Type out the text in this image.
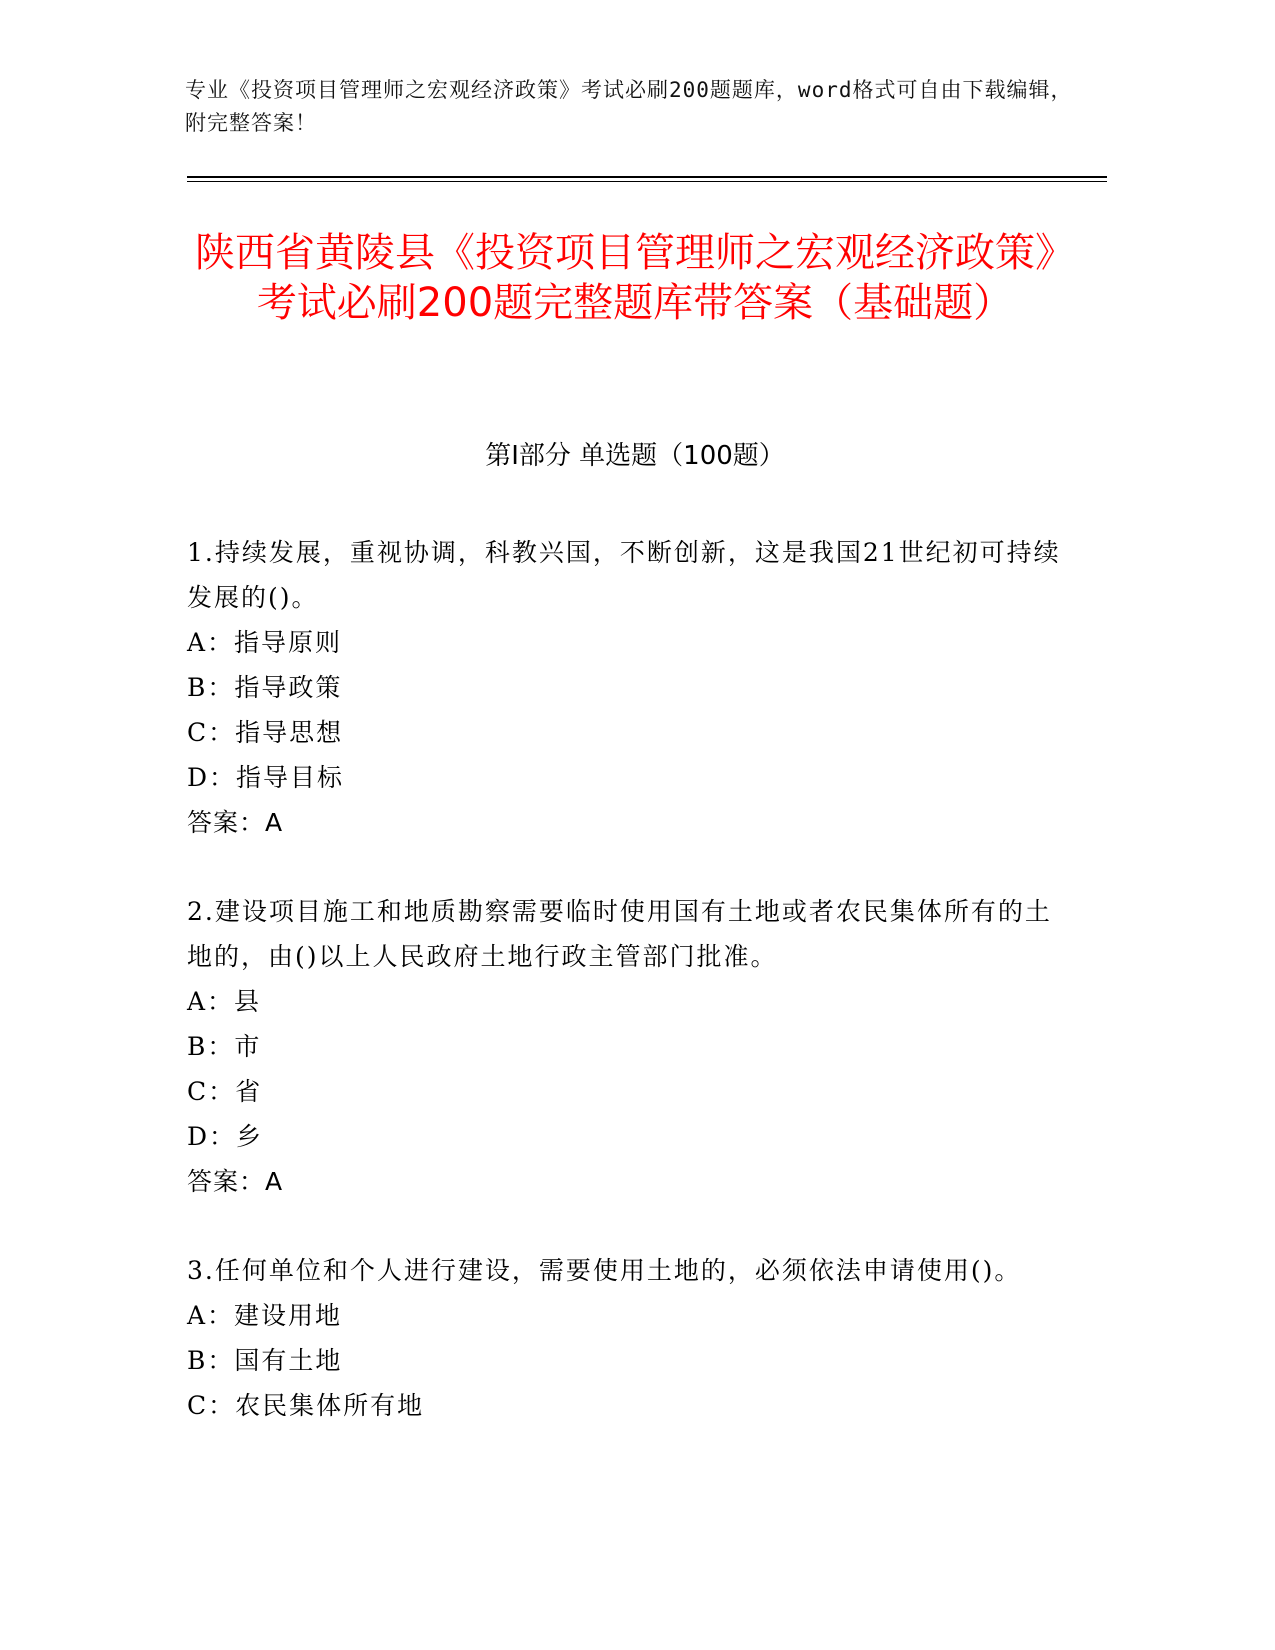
专业《投资项目管理师之宏观经济政策》考试必刷200题题库，word格式可自由下载编辑，附完整答案！
陕西省黄陵县《投资项目管理师之宏观经济政策》考试必刷200题完整题库带答案（基础题）
第I部分 单选题（100题）
1.持续发展，重视协调，科教兴国，不断创新，这是我国21世纪初可持续发展的()。
A：指导原则
B：指导政策
C：指导思想
D：指导目标
答案：A
2.建设项目施工和地质勘察需要临时使用国有土地或者农民集体所有的土地的，由()以上人民政府土地行政主管部门批准。
A：县
B：市
C：省
D：乡
答案：A
3.任何单位和个人进行建设，需要使用土地的，必须依法申请使用()。
A：建设用地
B：国有土地
C：农民集体所有地
